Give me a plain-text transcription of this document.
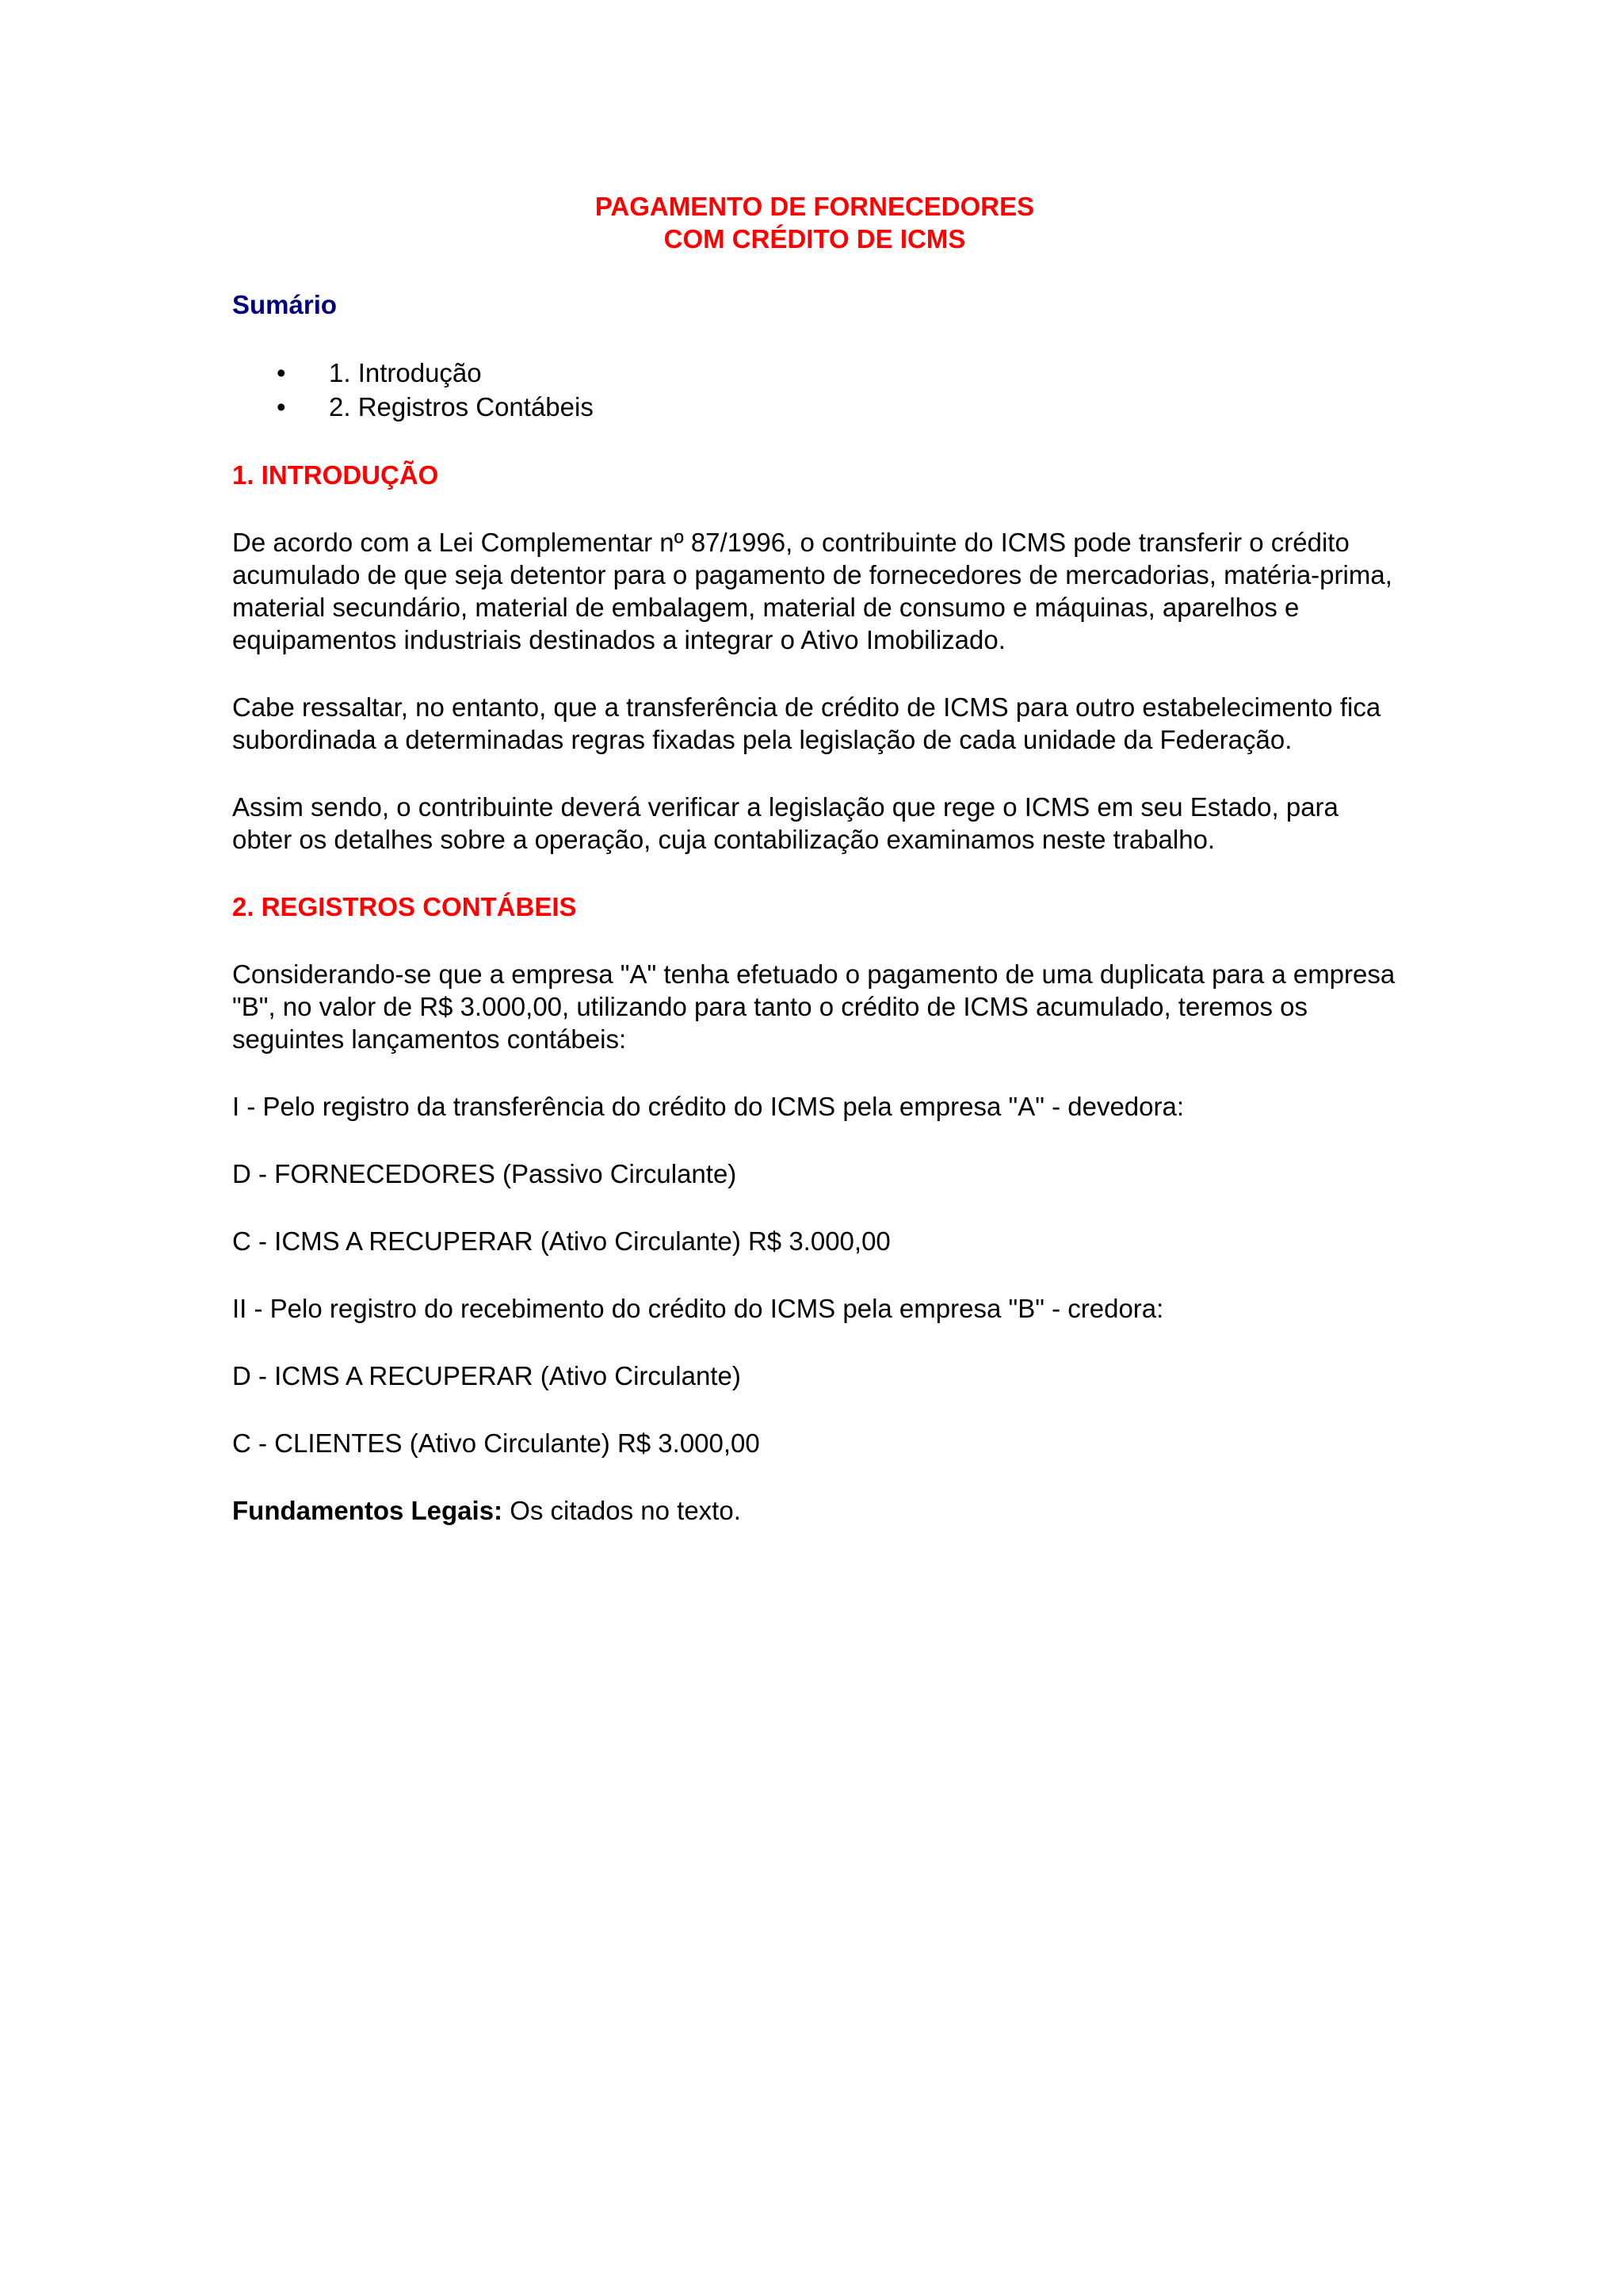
PAGAMENTO DE FORNECEDORES
COM CRÉDITO DE ICMS
Sumário
• 1. Introdução
• 2. Registros Contábeis
1. INTRODUÇÃO

De acordo com a Lei Complementar nº 87/1996, o contribuinte do ICMS pode transferir o crédito acumulado de que seja detentor para o pagamento de fornecedores de mercadorias, matéria-prima, material secundário, material de embalagem, material de consumo e máquinas, aparelhos e equipamentos industriais destinados a integrar o Ativo Imobilizado.

Cabe ressaltar, no entanto, que a transferência de crédito de ICMS para outro estabelecimento fica subordinada a determinadas regras fixadas pela legislação de cada unidade da Federação.

Assim sendo, o contribuinte deverá verificar a legislação que rege o ICMS em seu Estado, para obter os detalhes sobre a operação, cuja contabilização examinamos neste trabalho.

2. REGISTROS CONTÁBEIS

Considerando-se que a empresa "A" tenha efetuado o pagamento de uma duplicata para a empresa "B", no valor de R$ 3.000,00, utilizando para tanto o crédito de ICMS acumulado, teremos os seguintes lançamentos contábeis:

I - Pelo registro da transferência do crédito do ICMS pela empresa "A" - devedora:

D - FORNECEDORES (Passivo Circulante)

C - ICMS A RECUPERAR (Ativo Circulante) R$ 3.000,00

II - Pelo registro do recebimento do crédito do ICMS pela empresa "B" - credora:

D - ICMS A RECUPERAR (Ativo Circulante)

C - CLIENTES (Ativo Circulante) R$ 3.000,00

Fundamentos Legais: Os citados no texto.
